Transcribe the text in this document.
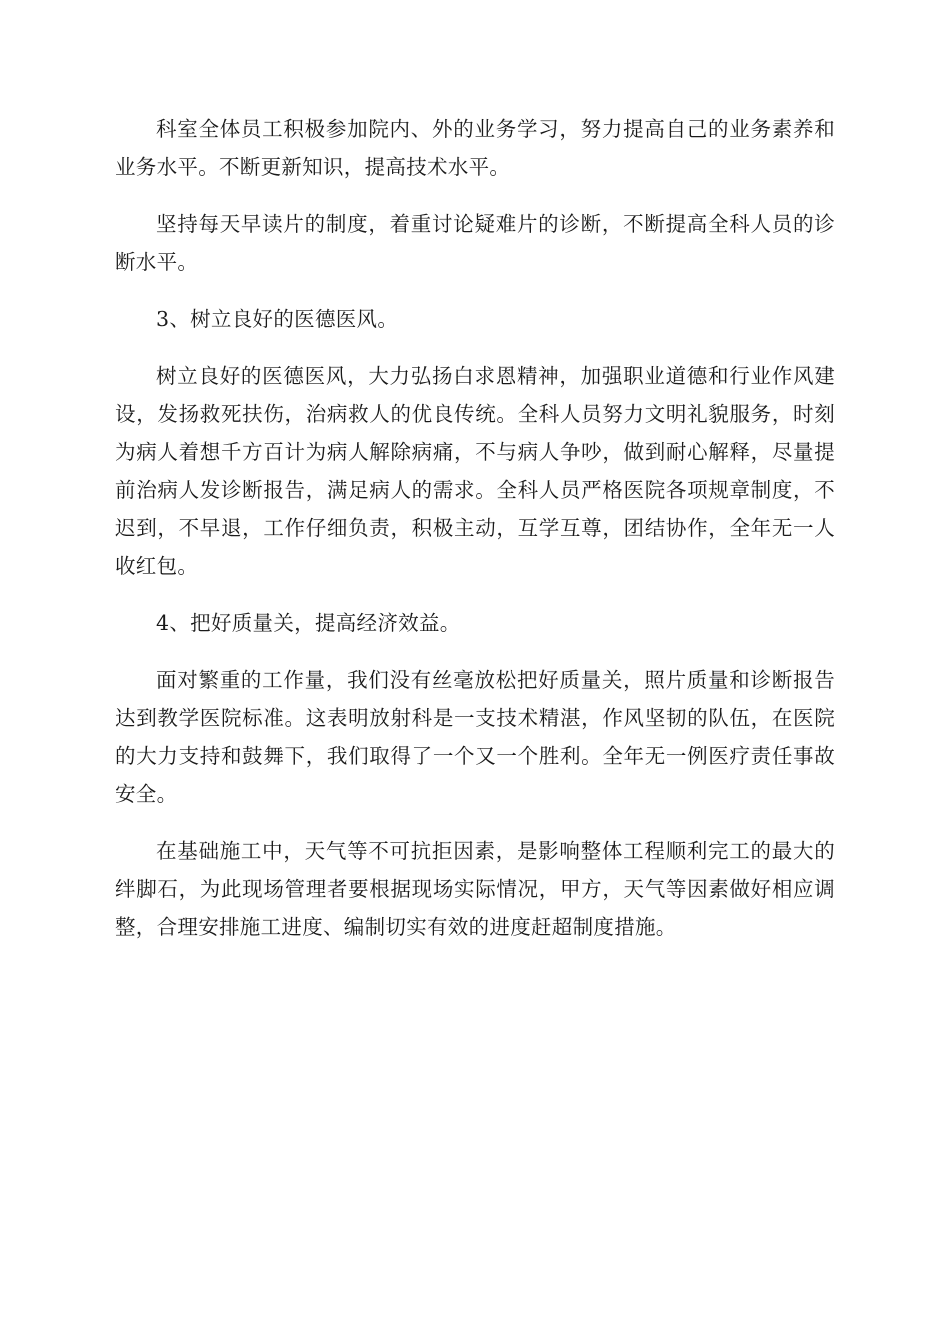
科室全体员工积极参加院内、外的业务学习，努力提高自己的业务素养和业务水平。不断更新知识，提高技术水平。

坚持每天早读片的制度，着重讨论疑难片的诊断，不断提高全科人员的诊断水平。

3、树立良好的医德医风。

树立良好的医德医风，大力弘扬白求恩精神，加强职业道德和行业作风建设，发扬救死扶伤，治病救人的优良传统。全科人员努力文明礼貌服务，时刻为病人着想千方百计为病人解除病痛，不与病人争吵，做到耐心解释，尽量提前治病人发诊断报告，满足病人的需求。全科人员严格医院各项规章制度，不迟到，不早退，工作仔细负责，积极主动，互学互尊，团结协作，全年无一人收红包。

4、把好质量关，提高经济效益。

面对繁重的工作量，我们没有丝毫放松把好质量关，照片质量和诊断报告达到教学医院标准。这表明放射科是一支技术精湛，作风坚韧的队伍，在医院的大力支持和鼓舞下，我们取得了一个又一个胜利。全年无一例医疗责任事故安全。

在基础施工中，天气等不可抗拒因素，是影响整体工程顺利完工的最大的绊脚石，为此现场管理者要根据现场实际情况，甲方，天气等因素做好相应调整，合理安排施工进度、编制切实有效的进度赶超制度措施。
